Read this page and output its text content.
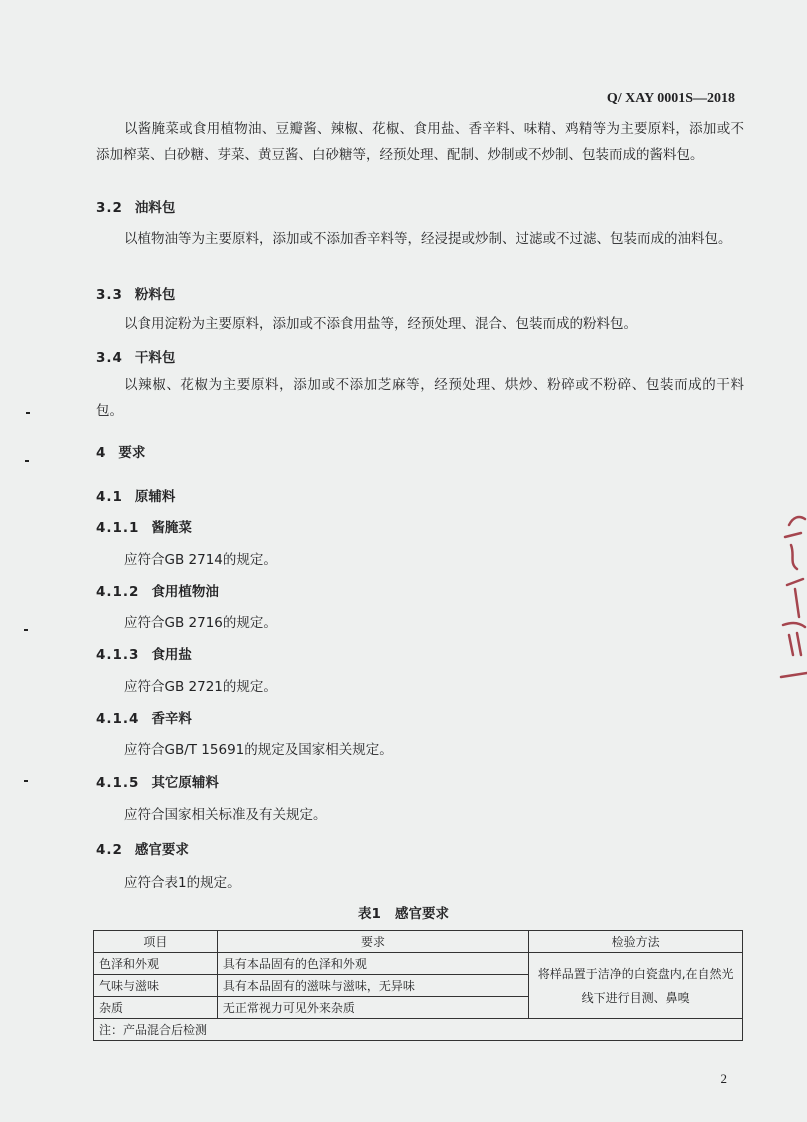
Q/ XAY 0001S—2018
以酱腌菜或食用植物油、豆瓣酱、辣椒、花椒、食用盐、香辛料、味精、鸡精等为主要原料，添加或不添加榨菜、白砂糖、芽菜、黄豆酱、白砂糖等，经预处理、配制、炒制或不炒制、包装而成的酱料包。
3.2 油料包
以植物油等为主要原料，添加或不添加香辛料等，经浸提或炒制、过滤或不过滤、包装而成的油料包。
3.3 粉料包
以食用淀粉为主要原料，添加或不添食用盐等，经预处理、混合、包装而成的粉料包。
3.4 干料包
以辣椒、花椒为主要原料，添加或不添加芝麻等，经预处理、烘炒、粉碎或不粉碎、包装而成的干料包。
4 要求
4.1 原辅料
4.1.1 酱腌菜
应符合GB 2714的规定。
4.1.2 食用植物油
应符合GB 2716的规定。
4.1.3 食用盐
应符合GB 2721的规定。
4.1.4 香辛料
应符合GB/T 15691的规定及国家相关规定。
4.1.5 其它原辅料
应符合国家相关标准及有关规定。
4.2 感官要求
应符合表1的规定。
表1   感官要求
项目	要求	检验方法
色泽和外观	具有本品固有的色泽和外观	将样品置于洁净的白瓷盘内,在自然光线下进行目测、鼻嗅
气味与滋味	具有本品固有的滋味与滋味，无异味	
杂质	无正常视力可见外来杂质	
注：产品混合后检测		
2
